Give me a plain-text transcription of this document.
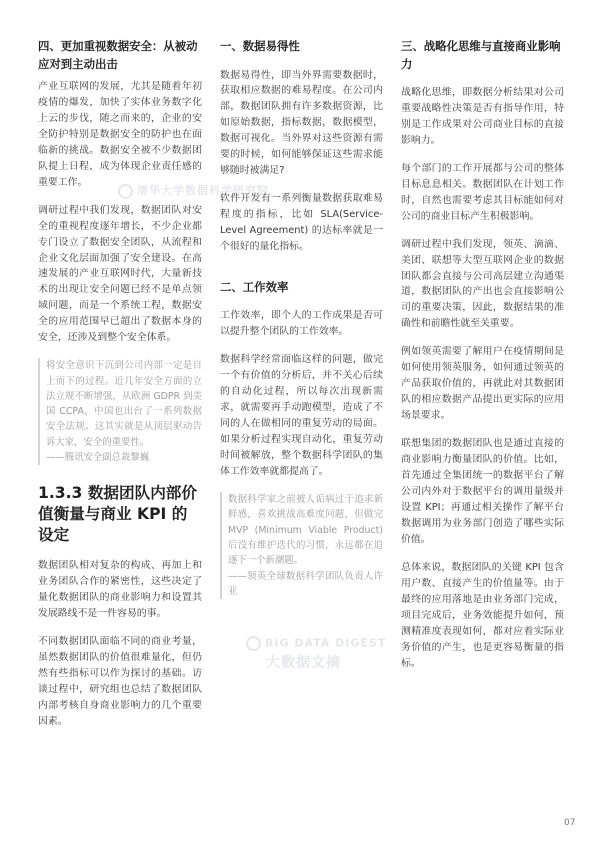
清华大学数据科学研究院
BIG DATA DIGEST
大数据文摘
四、更加重视数据安全：从被动应对到主动出击

产业互联网的发展，尤其是随着年初疫情的爆发，加快了实体业务数字化上云的步伐，随之而来的，企业的安全防护特别是数据安全的防护也在面临新的挑战。数据安全被不少数据团队提上日程，成为体现企业责任感的重要工作。

调研过程中我们发现，数据团队对安全的重视程度逐年增长，不少企业都专门设立了数据安全团队，从流程和企业文化层面加强了安全建设。在高速发展的产业互联网时代，大量新技术的出现让安全问题已经不是单点领域问题，而是一个系统工程，数据安全的应用范围早已超出了数据本身的安全，还涉及到整个安全体系。

将安全意识下沉到公司内部一定是自上而下的过程。近几年安全方面的立法立规不断增强，从欧洲 GDPR 到美国 CCPA，中国也出台了一系列数据安全法规。这其实就是从顶层驱动告诉大家，安全的重要性。

——腾讯安全副总裁黎巍

1.3.3 数据团队内部价值衡量与商业 KPI 的设定

数据团队相对复杂的构成、再加上和业务团队合作的紧密性，这些决定了量化数据团队的商业影响力和设置其发展路线不是一件容易的事。

不同数据团队面临不同的商业考量，虽然数据团队的价值很难量化，但仍然有些指标可以作为探讨的基础。访谈过程中，研究组也总结了数据团队内部考核自身商业影响力的几个重要因素。

一、数据易得性

数据易得性，即当外界需要数据时，获取相应数据的难易程度。在公司内部，数据团队拥有许多数据资源，比如原始数据，指标数据，数据模型，数据可视化。当外界对这些资源有需要的时候，如何能够保证这些需求能够随时被满足?

软件开发有一系列衡量数据获取难易程度的指标，比如 SLA(Service-Level Agreement) 的达标率就是一个很好的量化指标。

二、工作效率

工作效率，即个人的工作成果是否可以提升整个团队的工作效率。

数据科学经常面临这样的问题，做完一个有价值的分析后，并不关心后续的自动化过程，所以每次出现新需求，就需要再手动跑模型，造成了不同的人在做相同的重复劳动的局面。如果分析过程实现自动化，重复劳动时间被解放，整个数据科学团队的集体工作效率就都提高了。

数据科学家之前被人诟病过于追求新鲜感，喜欢挑战高难度问题，但做完 MVP (Minimum Viable Product) 后没有维护迭代的习惯，永远都在追逐下一个新潮题。

——领英全球数据科学团队负责人许亚

三、战略化思维与直接商业影响力

战略化思维，即数据分析结果对公司重要战略性决策是否有指导作用，特别是工作成果对公司商业目标的直接影响力。

每个部门的工作开展都与公司的整体目标息息相关。数据团队在计划工作时，自然也需要考虑其目标能如何对公司的商业目标产生积极影响。

调研过程中我们发现，领英、滴滴、美团、联想等大型互联网企业的数据团队都会直接与公司高层建立沟通渠道，数据团队的产出也会直接影响公司的重要决策，因此，数据结果的准确性和前瞻性就至关重要。

例如领英需要了解用户在疫情期间是如何使用领英服务，如何通过领英的产品获取价值的，再就此对其数据团队的相应数据产品提出更实际的应用场景要求。

联想集团的数据团队也是通过直接的商业影响力衡量团队的价值。比如，首先通过全集团统一的数据平台了解公司内外对于数据平台的调用量级并设置 KPI；再通过相关操作了解平台数据调用为业务部门创造了哪些实际价值。

总体来说，数据团队的关键 KPI 包含用户数、直接产生的价值量等。由于最终的应用落地是由业务部门完成，项目完成后，业务效能提升如何，预测精准度表现如何，都对应着实际业务价值的产生，也是更容易衡量的指标。

07
